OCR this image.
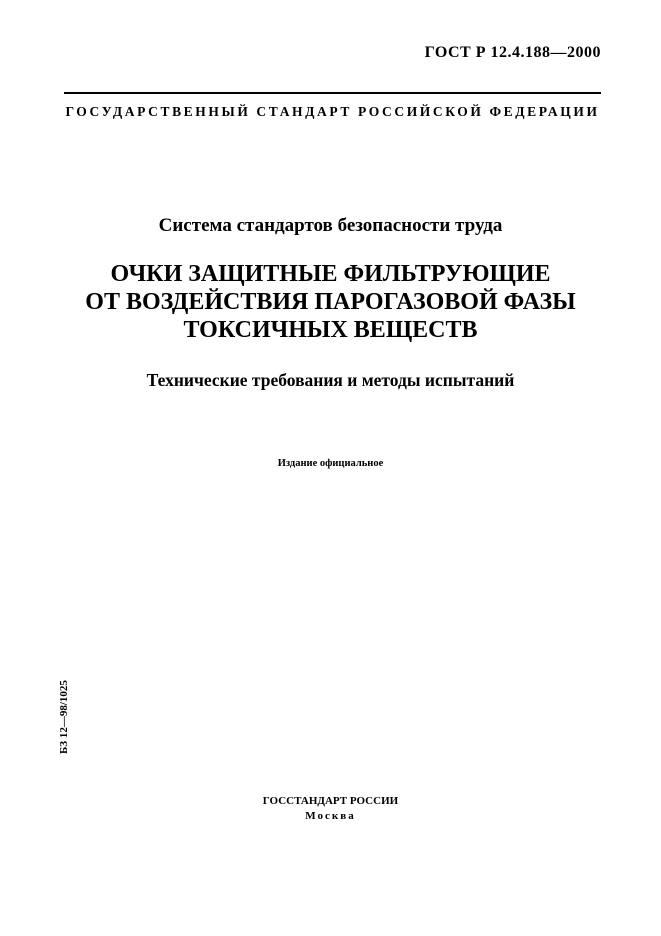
ГОСТ Р 12.4.188—2000
ГОСУДАРСТВЕННЫЙ СТАНДАРТ РОССИЙСКОЙ ФЕДЕРАЦИИ
Система стандартов безопасности труда
ОЧКИ ЗАЩИТНЫЕ ФИЛЬТРУЮЩИЕ
ОТ ВОЗДЕЙСТВИЯ ПАРОГАЗОВОЙ ФАЗЫ
ТОКСИЧНЫХ ВЕЩЕСТВ
Технические требования и методы испытаний
Издание официальное
БЗ 12—98/1025
ГОССТАНДАРТ РОССИИ
Москва
